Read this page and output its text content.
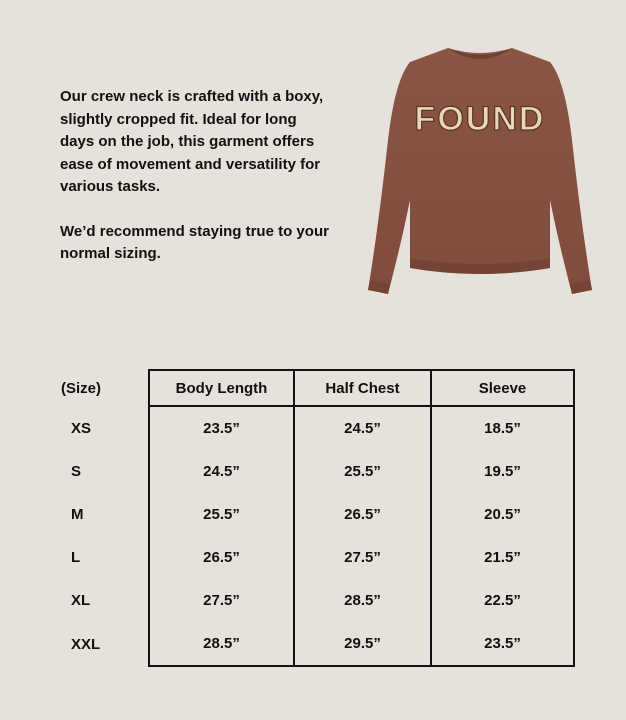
Our crew neck is crafted with a boxy, slightly cropped fit. Ideal for long days on the job, this garment offers ease of movement and versatility for various tasks.

We’d recommend staying true to your normal sizing.

FOUND
(Size)	Body Length	Half Chest	Sleeve
XS	23.5”	24.5”	18.5”
S	24.5”	25.5”	19.5”
M	25.5”	26.5”	20.5”
L	26.5”	27.5”	21.5”
XL	27.5”	28.5”	22.5”
XXL	28.5”	29.5”	23.5”
